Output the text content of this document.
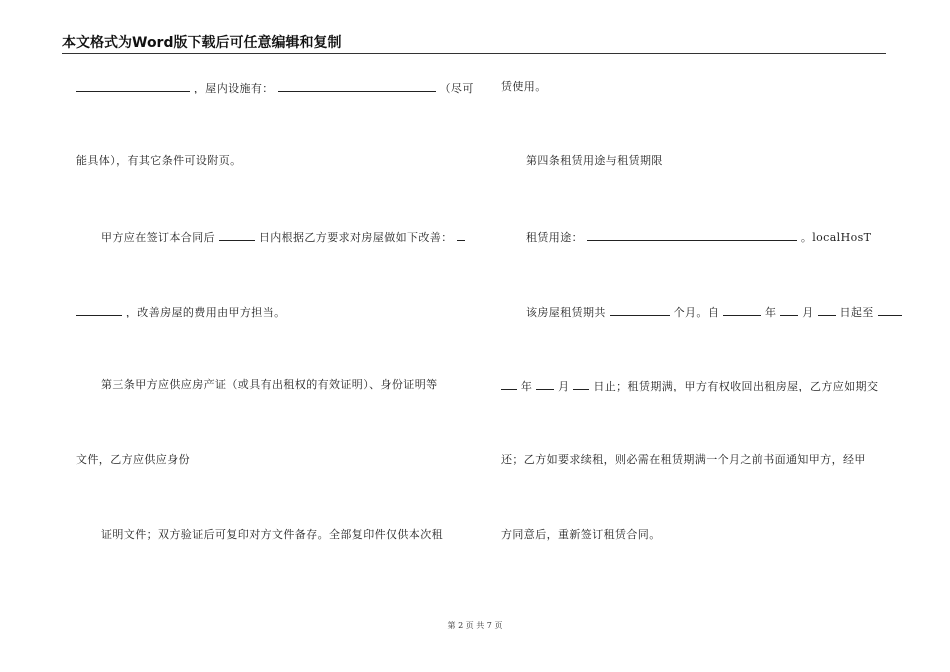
本文格式为Word版下载后可任意编辑和复制
，屋内设施有：	（尽可
能具体），有其它条件可设附页。
甲方应在签订本合同后	日内根据乙方要求对房屋做如下改善：
，改善房屋的费用由甲方担当。
第三条甲方应供应房产证（或具有出租权的有效证明）、身份证明等
文件，乙方应供应身份
证明文件；双方验证后可复印对方文件备存。全部复印件仅供本次租
赁使用。
第四条租赁用途与租赁期限
租赁用途：	。localHosT
该房屋租赁期共	个月。自	年 月 日起至
年 月 日止；租赁期满，甲方有权收回出租房屋，乙方应如期交
还；乙方如要求续租，则必需在租赁期满一个月之前书面通知甲方，经甲
方同意后，重新签订租赁合同。
第 2 页 共 7 页
